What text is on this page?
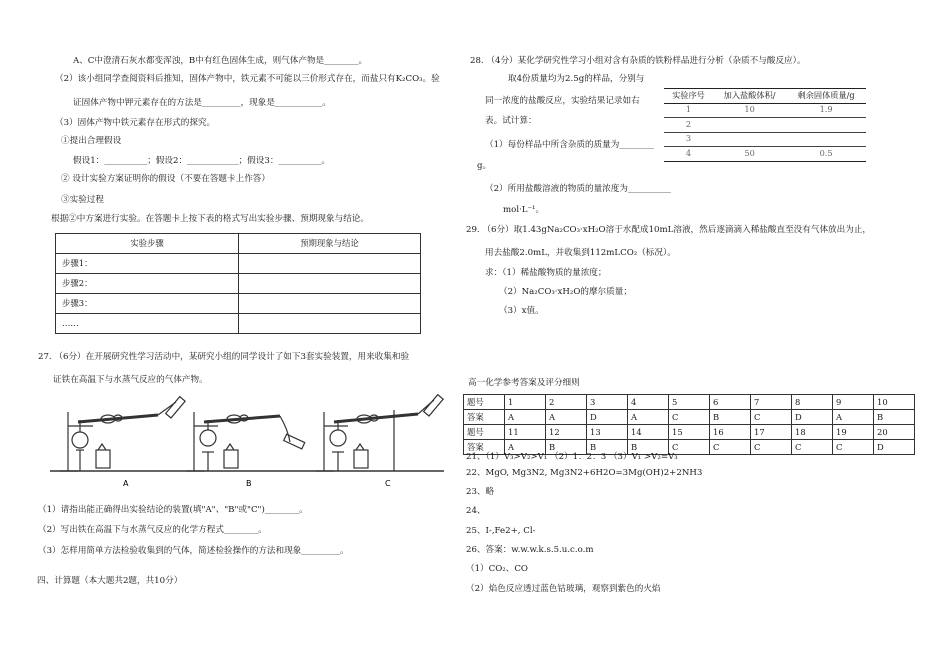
A、C中澄清石灰水都变浑浊，B中有红色固体生成，则气体产物是________。
（2）该小组同学查阅资料后推知，固体产物中，铁元素不可能以三价形式存在，而盐只有K₂CO₃。验
证固体产物中钾元素存在的方法是_________，现象是___________。
（3）固体产物中铁元素存在形式的探究。
①提出合理假设
假设1：__________；假设2：____________；假设3：__________。
② 设计实验方案证明你的假设（不要在答题卡上作答）
③实验过程
根据②中方案进行实验。在答题卡上按下表的格式写出实验步骤、预期现象与结论。
实验步骤	预期现象与结论
步骤1：	
步骤2：	
步骤3：	
……	
27. （6分）在开展研究性学习活动中，某研究小组的同学设计了如下3套实验装置，用来收集和验
证铁在高温下与水蒸气反应的气体产物。
A	B	C
（1）请指出能正确得出实验结论的装置(填"A"、"B"或"C")________。
（2）写出铁在高温下与水蒸气反应的化学方程式________。
（3）怎样用简单方法检验收集到的气体，简述检验操作的方法和现象_________。
四、计算题（本大题共2题，共10分）
28. （4分）某化学研究性学习小组对含有杂质的铁粉样品进行分析（杂质不与酸反应）。
取4份质量均为2.5g的样品，分别与
同一浓度的盐酸反应，实验结果记录如右
表。试计算：
（1）每份样品中所含杂质的质量为________
g。
（2）所用盐酸溶液的物质的量浓度为__________
mol·L⁻¹。
实验序号	加入盐酸体积/	剩余固体质量/g
1	10	1.9
2		
3		
4	50	0.5
29. （6分）取1.43gNa₂CO₃·xH₂O溶于水配成10mL溶液，然后逐滴滴入稀盐酸直至没有气体放出为止，
用去盐酸2.0mL，并收集到112mLCO₂（标况）。
求：（1）稀盐酸物质的量浓度；
（2）Na₂CO₃·xH₂O的摩尔质量；
（3）x值。
高一化学参考答案及评分细则
题号	1	2	3	4	5	6	7	8	9	10
答案	A	A	D	A	C	B	C	D	A	B
题号	11	12	13	14	15	16	17	18	19	20
答案	A	B	B	B	C	C	C	C	C	D
21、（1）V₃>V₂>V₁ （2）1：2：3 （3）V₁ >V₂=V₃
22、MgO, Mg3N2, Mg3N2+6H2O=3Mg(OH)2+2NH3
23、略
24、
25、I-,Fe2+, Cl-
26、答案：w.w.w.k.s.5.u.c.o.m
（1）CO₂、CO
（2）焰色反应透过蓝色钴玻璃，观察到紫色的火焰
